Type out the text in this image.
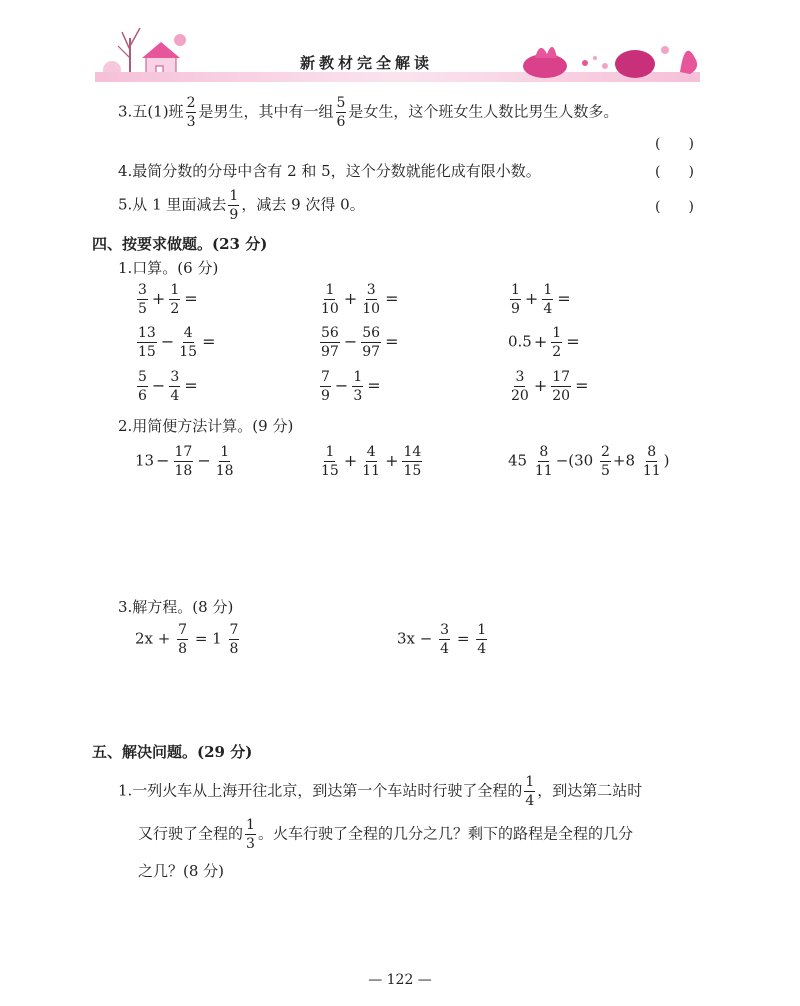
新教材完全解读
3.五(1)班 $\frac{2}{3}$ 是男生，其中有一组 $\frac{5}{6}$ 是女生，这个班女生人数比男生人数多。
(　　)
4.最简分数的分母中含有 2 和 5，这个分数就能化成有限小数。	(　　)
5.从 1 里面减去 $\frac{1}{9}$ ，减去 9 次得 0。	(　　)
四、按要求做题。(23 分)
1.口算。(6 分)
$\frac{3}{5} + \frac{1}{2}$ =	$\frac{1}{10} + \frac{3}{10}$ =	$\frac{1}{9} + \frac{1}{4}$ =
$\frac{13}{15} - \frac{4}{15}$ =	$\frac{56}{97} - \frac{56}{97}$ =	$0.5 + \frac{1}{2}$ =
$\frac{5}{6} - \frac{3}{4}$ =	$\frac{7}{9} - \frac{1}{3}$ =	$\frac{3}{20} + \frac{17}{20}$ =
2.用简便方法计算。(9 分)
$13 - \frac{17}{18} - \frac{1}{18}$	$\frac{1}{15} + \frac{4}{11} + \frac{14}{15}$	$45 \frac{8}{11} -(30 \frac{2}{5} +8 \frac{8}{11}$ )
3.解方程。(8 分)
$2x + \frac{7}{8} = 1 \frac{7}{8}$	$3x - \frac{3}{4} = \frac{1}{4}$
五、解决问题。(29 分)
1.一列火车从上海开往北京，到达第一个车站时行驶了全程的 $\frac{1}{4}$ ，到达第二站时
又行驶了全程的 $\frac{1}{3}$ 。火车行驶了全程的几分之几？剩下的路程是全程的几分
之几？(8 分)
— 122 —
